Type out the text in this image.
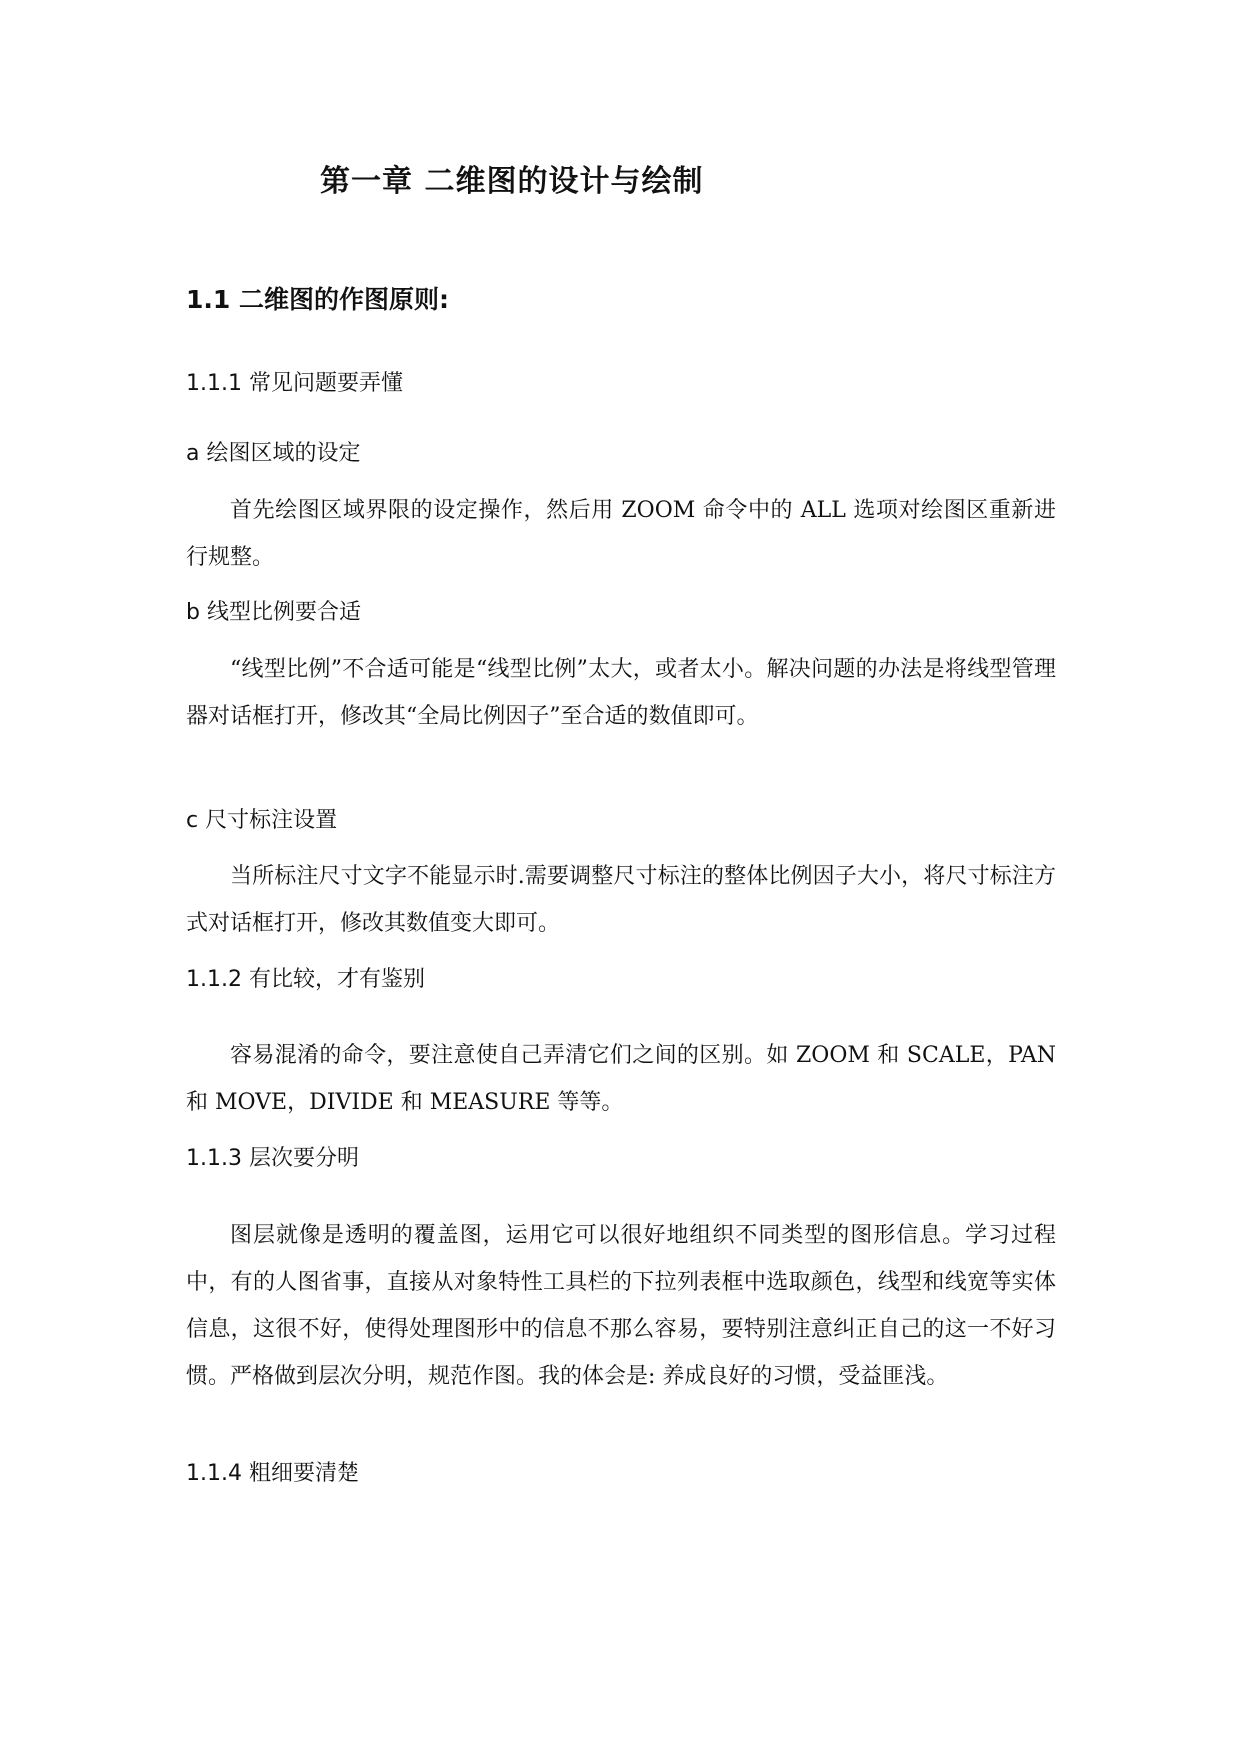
第一章 二维图的设计与绘制
1.1 二维图的作图原则:
1.1.1 常见问题要弄懂
a 绘图区域的设定

首先绘图区域界限的设定操作，然后用 ZOOM 命令中的 ALL 选项对绘图区重新进行规整。

b 线型比例要合适

“线型比例”不合适可能是“线型比例”太大，或者太小。解决问题的办法是将线型管理器对话框打开，修改其“全局比例因子”至合适的数值即可。

c 尺寸标注设置

当所标注尺寸文字不能显示时.需要调整尺寸标注的整体比例因子大小，将尺寸标注方式对话框打开，修改其数值变大即可。

1.1.2 有比较，才有鉴别

容易混淆的命令，要注意使自己弄清它们之间的区别。如 ZOOM 和 SCALE，PAN 和 MOVE，DIVIDE 和 MEASURE 等等。

1.1.3 层次要分明

图层就像是透明的覆盖图，运用它可以很好地组织不同类型的图形信息。学习过程中，有的人图省事，直接从对象特性工具栏的下拉列表框中选取颜色，线型和线宽等实体信息，这很不好，使得处理图形中的信息不那么容易，要特别注意纠正自己的这一不好习惯。严格做到层次分明，规范作图。我的体会是: 养成良好的习惯，受益匪浅。

1.1.4 粗细要清楚
